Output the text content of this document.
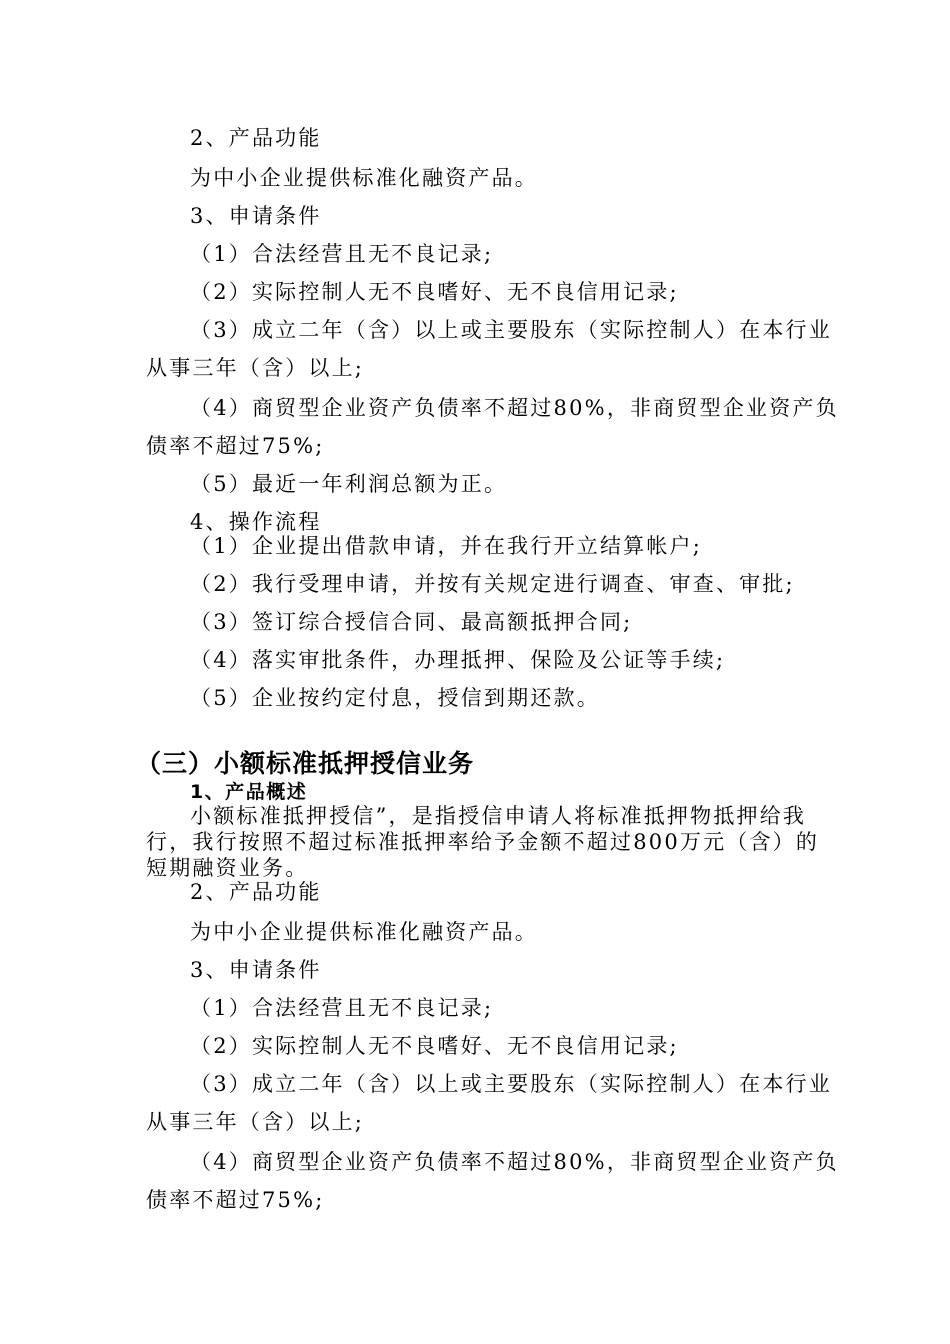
2、产品功能
为中小企业提供标准化融资产品。
3、申请条件
（1）合法经营且无不良记录;
（2）实际控制人无不良嗜好、无不良信用记录;
（3）成立二年（含）以上或主要股东（实际控制人）在本行业
从事三年（含）以上;
（4）商贸型企业资产负债率不超过80%，非商贸型企业资产负
债率不超过75%;
（5）最近一年利润总额为正。
4、操作流程
（1）企业提出借款申请，并在我行开立结算帐户;
（2）我行受理申请，并按有关规定进行调查、审查、审批;
（3）签订综合授信合同、最高额抵押合同;
（4）落实审批条件，办理抵押、保险及公证等手续;
（5）企业按约定付息，授信到期还款。
（三）小额标准抵押授信业务
1、产品概述
小额标准抵押授信”，是指授信申请人将标准抵押物抵押给我
行，我行按照不超过标准抵押率给予金额不超过800万元（含）的
短期融资业务。
2、产品功能
为中小企业提供标准化融资产品。
3、申请条件
（1）合法经营且无不良记录;
（2）实际控制人无不良嗜好、无不良信用记录;
（3）成立二年（含）以上或主要股东（实际控制人）在本行业
从事三年（含）以上;
（4）商贸型企业资产负债率不超过80%，非商贸型企业资产负
债率不超过75%;
